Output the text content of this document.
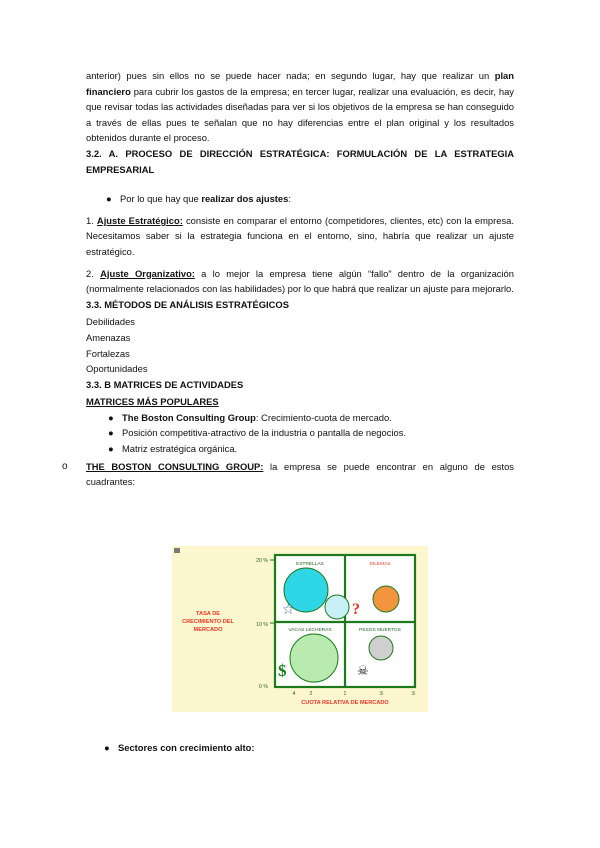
anterior) pues sin ellos no se puede hacer nada; en segundo lugar, hay que realizar un plan financiero para cubrir los gastos de la empresa; en tercer lugar, realizar una evaluación, es decir, hay que revisar todas las actividades diseñadas para ver si los objetivos de la empresa se han conseguido a través de ellas pues te señalan que no hay diferencias entre el plan original y los resultados obtenidos durante el proceso.

3.2. A. PROCESO DE DIRECCIÓN ESTRATÉGICA: FORMULACIÓN DE LA ESTRATEGIA EMPRESARIAL

● Por lo que hay que realizar dos ajustes:

1. Ajuste Estratégico: consiste en comparar el entorno (competidores, clientes, etc) con la empresa. Necesitamos saber si la estrategia funciona en el entorno, sino, habría que realizar un ajuste estratégico.

2. Ajuste Organizativo: a lo mejor la empresa tiene algún “fallo” dentro de la organización (normalmente relacionados con las habilidades) por lo que habrá que realizar un ajuste para mejorarlo.

3.3. MÉTODOS DE ANÁLISIS ESTRATÉGICOS

Debilidades

Amenazas

Fortalezas

Oportunidades

3.3. B MATRICES DE ACTIVIDADES

MATRICES MÁS POPULARES

● The Boston Consulting Group: Crecimiento-cuota de mercado.
● Posición competitiva-atractivo de la industria o pantalla de negocios.
● Matriz estratégica orgánica.

o THE BOSTON CONSULTING GROUP: la empresa se puede encontrar en alguno de estos cuadrantes:

TASA DE
CRECIMIENTO DEL
MERCADO
20 %
10 %
0 %
ESTRELLAS	DILEMAS
VACAS LECHERAS	PESOS MUERTOS
☆	?
$	☠
4	2	1	.5	.5
CUOTA RELATIVA DE MERCADO
● Sectores con crecimiento alto:
